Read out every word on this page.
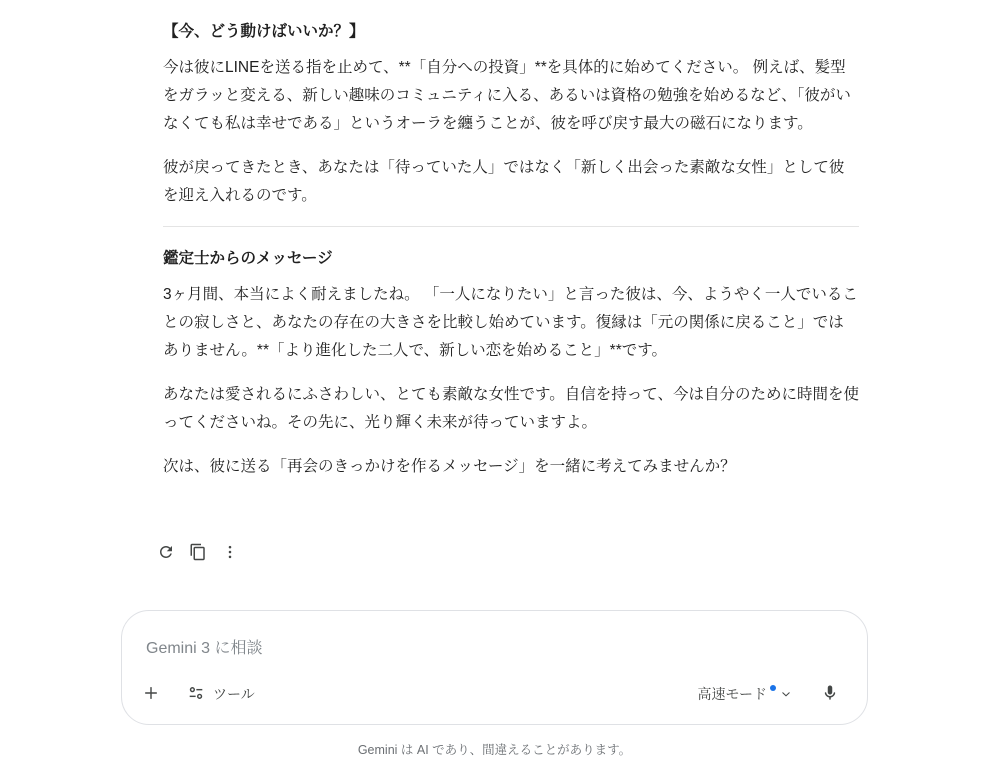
【今、どう動けばいいか？】

今は彼にLINEを送る指を止めて、**「自分への投資」**を具体的に始めてください。 例えば、髪型をガラッと変える、新しい趣味のコミュニティに入る、あるいは資格の勉強を始めるなど、「彼がいなくても私は幸せである」というオーラを纏うことが、彼を呼び戻す最大の磁石になります。

彼が戻ってきたとき、あなたは「待っていた人」ではなく「新しく出会った素敵な女性」として彼を迎え入れるのです。

鑑定士からのメッセージ

3ヶ月間、本当によく耐えましたね。 「一人になりたい」と言った彼は、今、ようやく一人でいることの寂しさと、あなたの存在の大きさを比較し始めています。復縁は「元の関係に戻ること」ではありません。**「より進化した二人で、新しい恋を始めること」**です。

あなたは愛されるにふさわしい、とても素敵な女性です。自信を持って、今は自分のために時間を使ってくださいね。その先に、光り輝く未来が待っていますよ。

次は、彼に送る「再会のきっかけを作るメッセージ」を一緒に考えてみませんか？

Gemini 3 に相談
ツール	高速モード
Gemini は AI であり、間違えることがあります。
